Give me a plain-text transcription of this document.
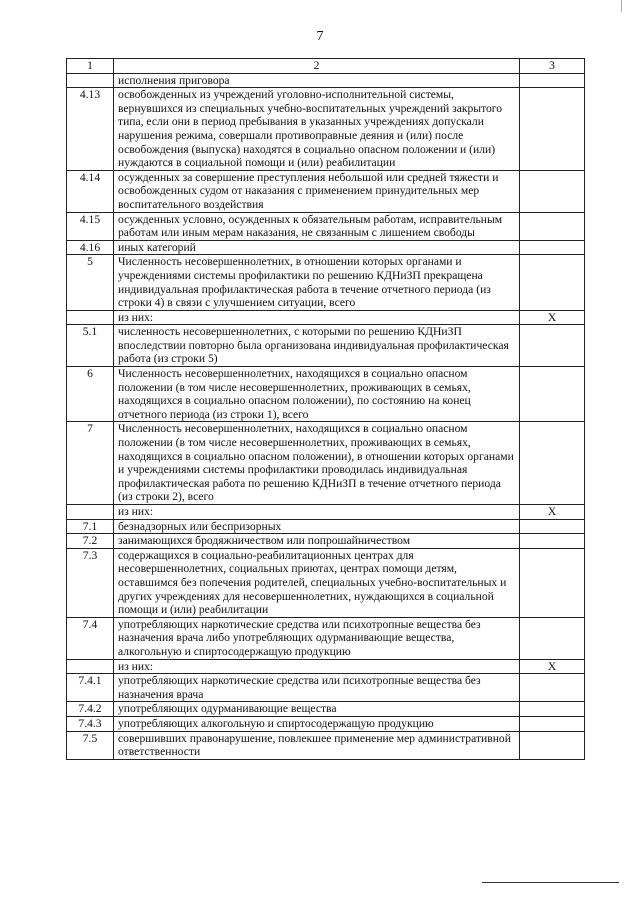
7
1	2	3
	исполнения приговора	
4.13	освобожденных из учреждений уголовно-исполнительной системы, вернувшихся из специальных учебно-воспитательных учреждений закрытого типа, если они в период пребывания в указанных учреждениях допускали нарушения режима, совершали противоправные деяния и (или) после освобождения (выпуска) находятся в социально опасном положении и (или) нуждаются в социальной помощи и (или) реабилитации	
4.14	осужденных за совершение преступления небольшой или средней тяжести и освобожденных судом от наказания с применением принудительных мер воспитательного воздействия	
4.15	осужденных условно, осужденных к обязательным работам, исправительным работам или иным мерам наказания, не связанным с лишением свободы	
4.16	иных категорий	
5	Численность несовершеннолетних, в отношении которых органами и учреждениями системы профилактики по решению КДНиЗП прекращена индивидуальная профилактическая работа в течение отчетного периода (из строки 4) в связи с улучшением ситуации, всего	
	из них:	X
5.1	численность несовершеннолетних, с которыми по решению КДНиЗП впоследствии повторно была организована индивидуальная профилактическая работа (из строки 5)	
6	Численность несовершеннолетних, находящихся в социально опасном положении (в том числе несовершеннолетних, проживающих в семьях, находящихся в социально опасном положении), по состоянию на конец отчетного периода (из строки 1), всего	
7	Численность несовершеннолетних, находящихся в социально опасном положении (в том числе несовершеннолетних, проживающих в семьях, находящихся в социально опасном положении), в отношении которых органами и учреждениями системы профилактики проводилась индивидуальная профилактическая работа по решению КДНиЗП в течение отчетного периода (из строки 2), всего	
	из них:	X
7.1	безнадзорных или беспризорных	
7.2	занимающихся бродяжничеством или попрошайничеством	
7.3	содержащихся в социально-реабилитационных центрах для несовершеннолетних, социальных приютах, центрах помощи детям, оставшимся без попечения родителей, специальных учебно-воспитательных и других учреждениях для несовершеннолетних, нуждающихся в социальной помощи и (или) реабилитации	
7.4	употребляющих наркотические средства или психотропные вещества без назначения врача либо употребляющих одурманивающие вещества, алкогольную и спиртосодержащую продукцию	
	из них:	X
7.4.1	употребляющих наркотические средства или психотропные вещества без назначения врача	
7.4.2	употребляющих одурманивающие вещества	
7.4.3	употребляющих алкогольную и спиртосодержащую продукцию	
7.5	совершивших правонарушение, повлекшее применение мер административной ответственности	
